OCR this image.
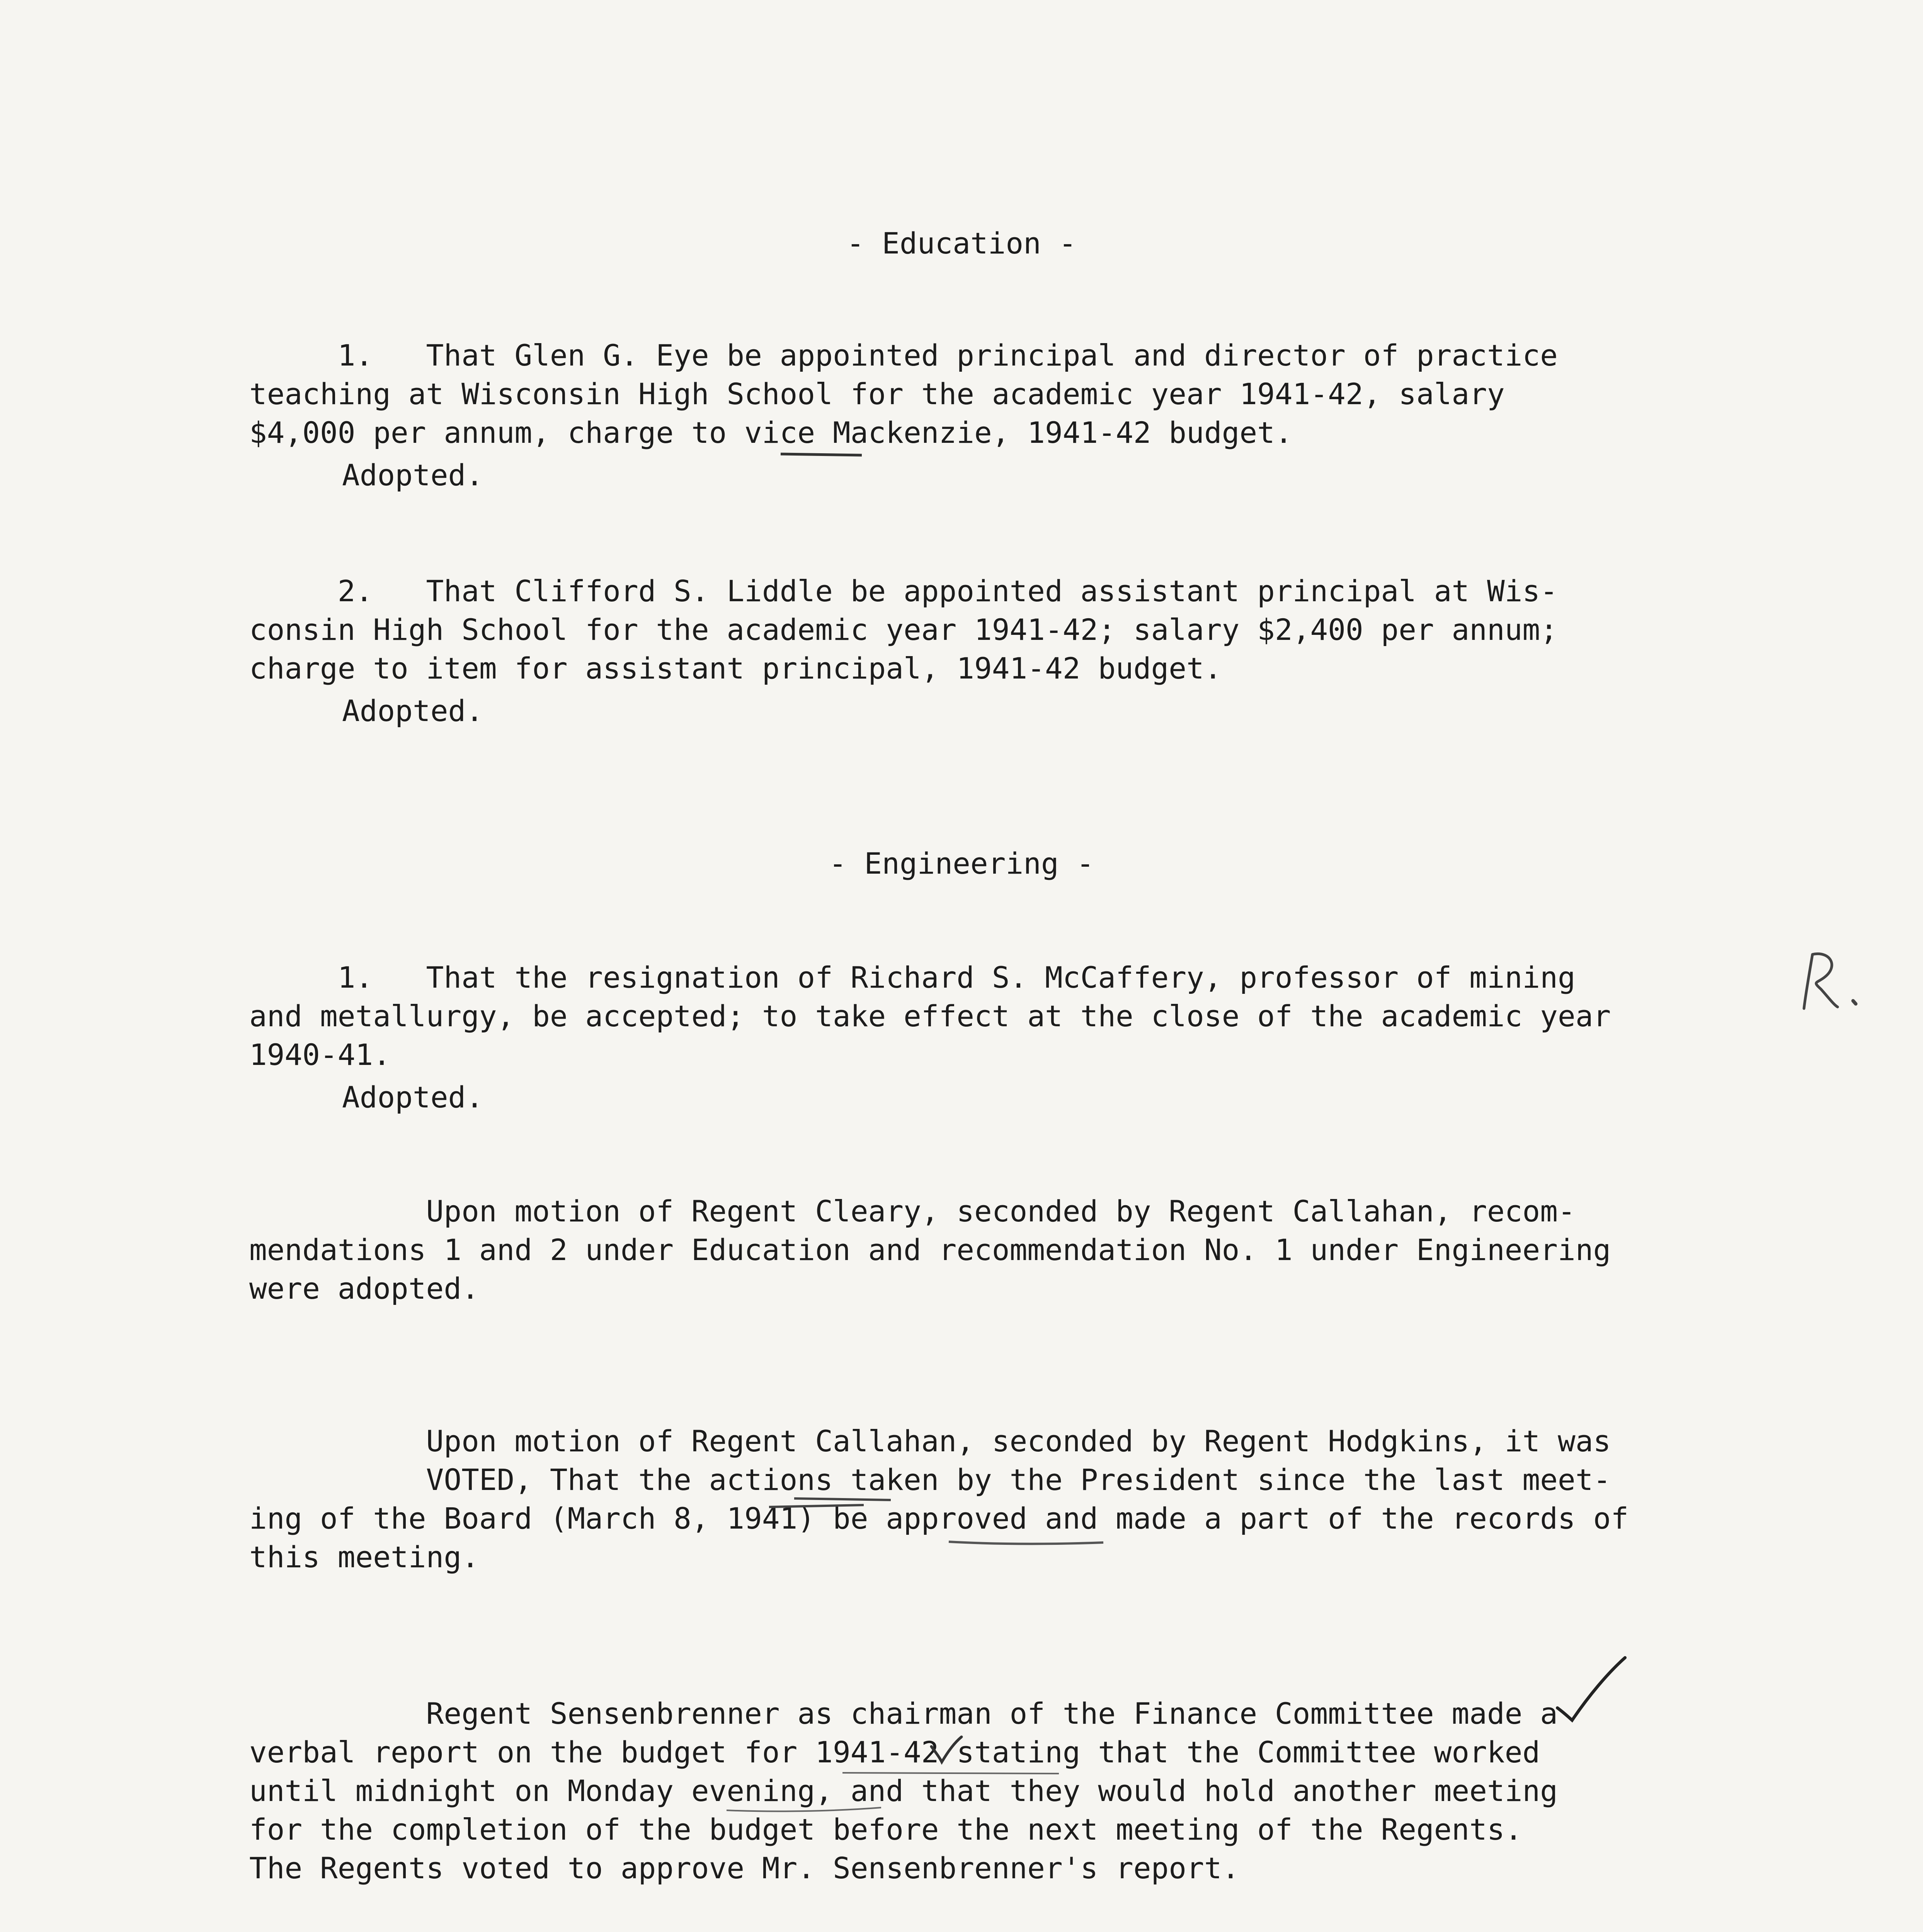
- Education -

1.   That Glen G. Eye be appointed principal and director of practice

teaching at Wisconsin High School for the academic year 1941-42, salary

$4,000 per annum, charge to vice Mackenzie, 1941-42 budget.

Adopted.

2.   That Clifford S. Liddle be appointed assistant principal at Wis-

consin High School for the academic year 1941-42; salary $2,400 per annum;

charge to item for assistant principal, 1941-42 budget.

Adopted.

- Engineering -

1.   That the resignation of Richard S. McCaffery, professor of mining

and metallurgy, be accepted; to take effect at the close of the academic year

1940-41.

Adopted.

Upon motion of Regent Cleary, seconded by Regent Callahan, recom-

mendations 1 and 2 under Education and recommendation No. 1 under Engineering

were adopted.

Upon motion of Regent Callahan, seconded by Regent Hodgkins, it was

VOTED, That the actions taken by the President since the last meet-

ing of the Board (March 8, 1941) be approved and made a part of the records of

this meeting.

Regent Sensenbrenner as chairman of the Finance Committee made a

verbal report on the budget for 1941-42 stating that the Committee worked

until midnight on Monday evening, and that they would hold another meeting

for the completion of the budget before the next meeting of the Regents.

The Regents voted to approve Mr. Sensenbrenner's report.
